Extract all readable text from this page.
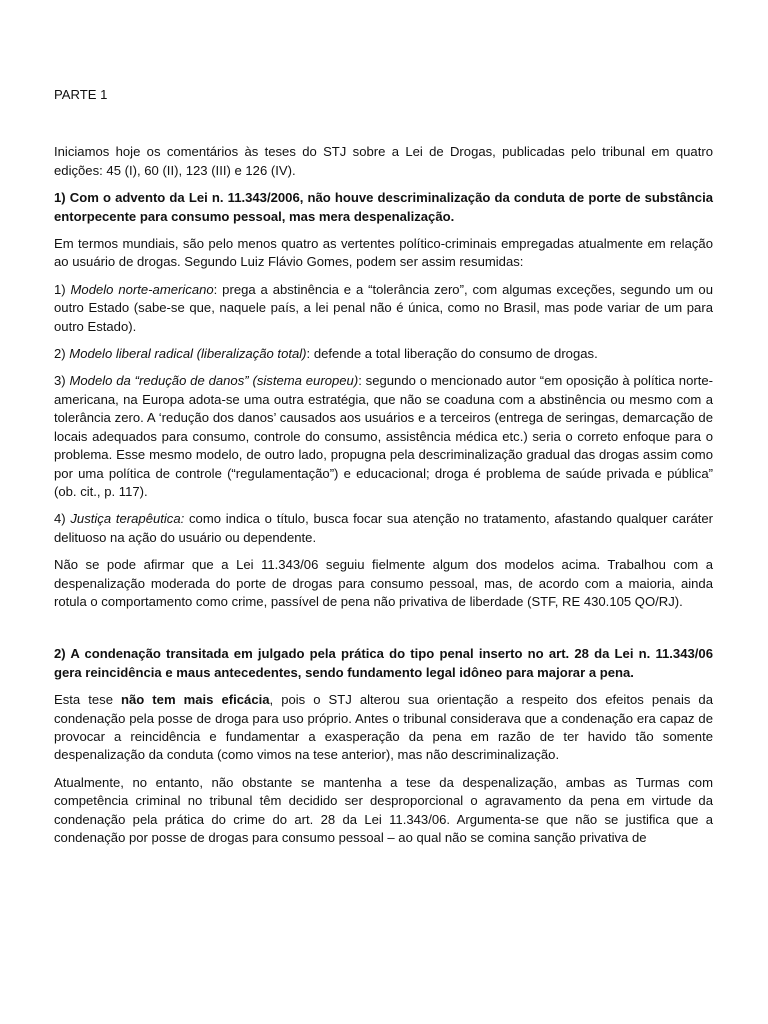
PARTE 1

Iniciamos hoje os comentários às teses do STJ sobre a Lei de Drogas, publicadas pelo tribunal em quatro edições: 45 (I), 60 (II), 123 (III) e 126 (IV).

1) Com o advento da Lei n. 11.343/2006, não houve descriminalização da conduta de porte de substância entorpecente para consumo pessoal, mas mera despenalização.

Em termos mundiais, são pelo menos quatro as vertentes político-criminais empregadas atualmente em relação ao usuário de drogas. Segundo Luiz Flávio Gomes, podem ser assim resumidas:

1) Modelo norte-americano: prega a abstinência e a “tolerância zero”, com algumas exceções, segundo um ou outro Estado (sabe-se que, naquele país, a lei penal não é única, como no Brasil, mas pode variar de um para outro Estado).

2) Modelo liberal radical (liberalização total): defende a total liberação do consumo de drogas.

3) Modelo da “redução de danos” (sistema europeu): segundo o mencionado autor “em oposição à política norte-americana, na Europa adota-se uma outra estratégia, que não se coaduna com a abstinência ou mesmo com a tolerância zero. A ‘redução dos danos’ causados aos usuários e a terceiros (entrega de seringas, demarcação de locais adequados para consumo, controle do consumo, assistência médica etc.) seria o correto enfoque para o problema. Esse mesmo modelo, de outro lado, propugna pela descriminalização gradual das drogas assim como por uma política de controle (“regulamentação”) e educacional; droga é problema de saúde privada e pública” (ob. cit., p. 117).

4) Justiça terapêutica: como indica o título, busca focar sua atenção no tratamento, afastando qualquer caráter delituoso na ação do usuário ou dependente.

Não se pode afirmar que a Lei 11.343/06 seguiu fielmente algum dos modelos acima. Trabalhou com a despenalização moderada do porte de drogas para consumo pessoal, mas, de acordo com a maioria, ainda rotula o comportamento como crime, passível de pena não privativa de liberdade (STF, RE 430.105 QO/RJ).

2) A condenação transitada em julgado pela prática do tipo penal inserto no art. 28 da Lei n. 11.343/06 gera reincidência e maus antecedentes, sendo fundamento legal idôneo para majorar a pena.

Esta tese não tem mais eficácia, pois o STJ alterou sua orientação a respeito dos efeitos penais da condenação pela posse de droga para uso próprio. Antes o tribunal considerava que a condenação era capaz de provocar a reincidência e fundamentar a exasperação da pena em razão de ter havido tão somente despenalização da conduta (como vimos na tese anterior), mas não descriminalização.

Atualmente, no entanto, não obstante se mantenha a tese da despenalização, ambas as Turmas com competência criminal no tribunal têm decidido ser desproporcional o agravamento da pena em virtude da condenação pela prática do crime do art. 28 da Lei 11.343/06. Argumenta-se que não se justifica que a condenação por posse de drogas para consumo pessoal – ao qual não se comina sanção privativa de
